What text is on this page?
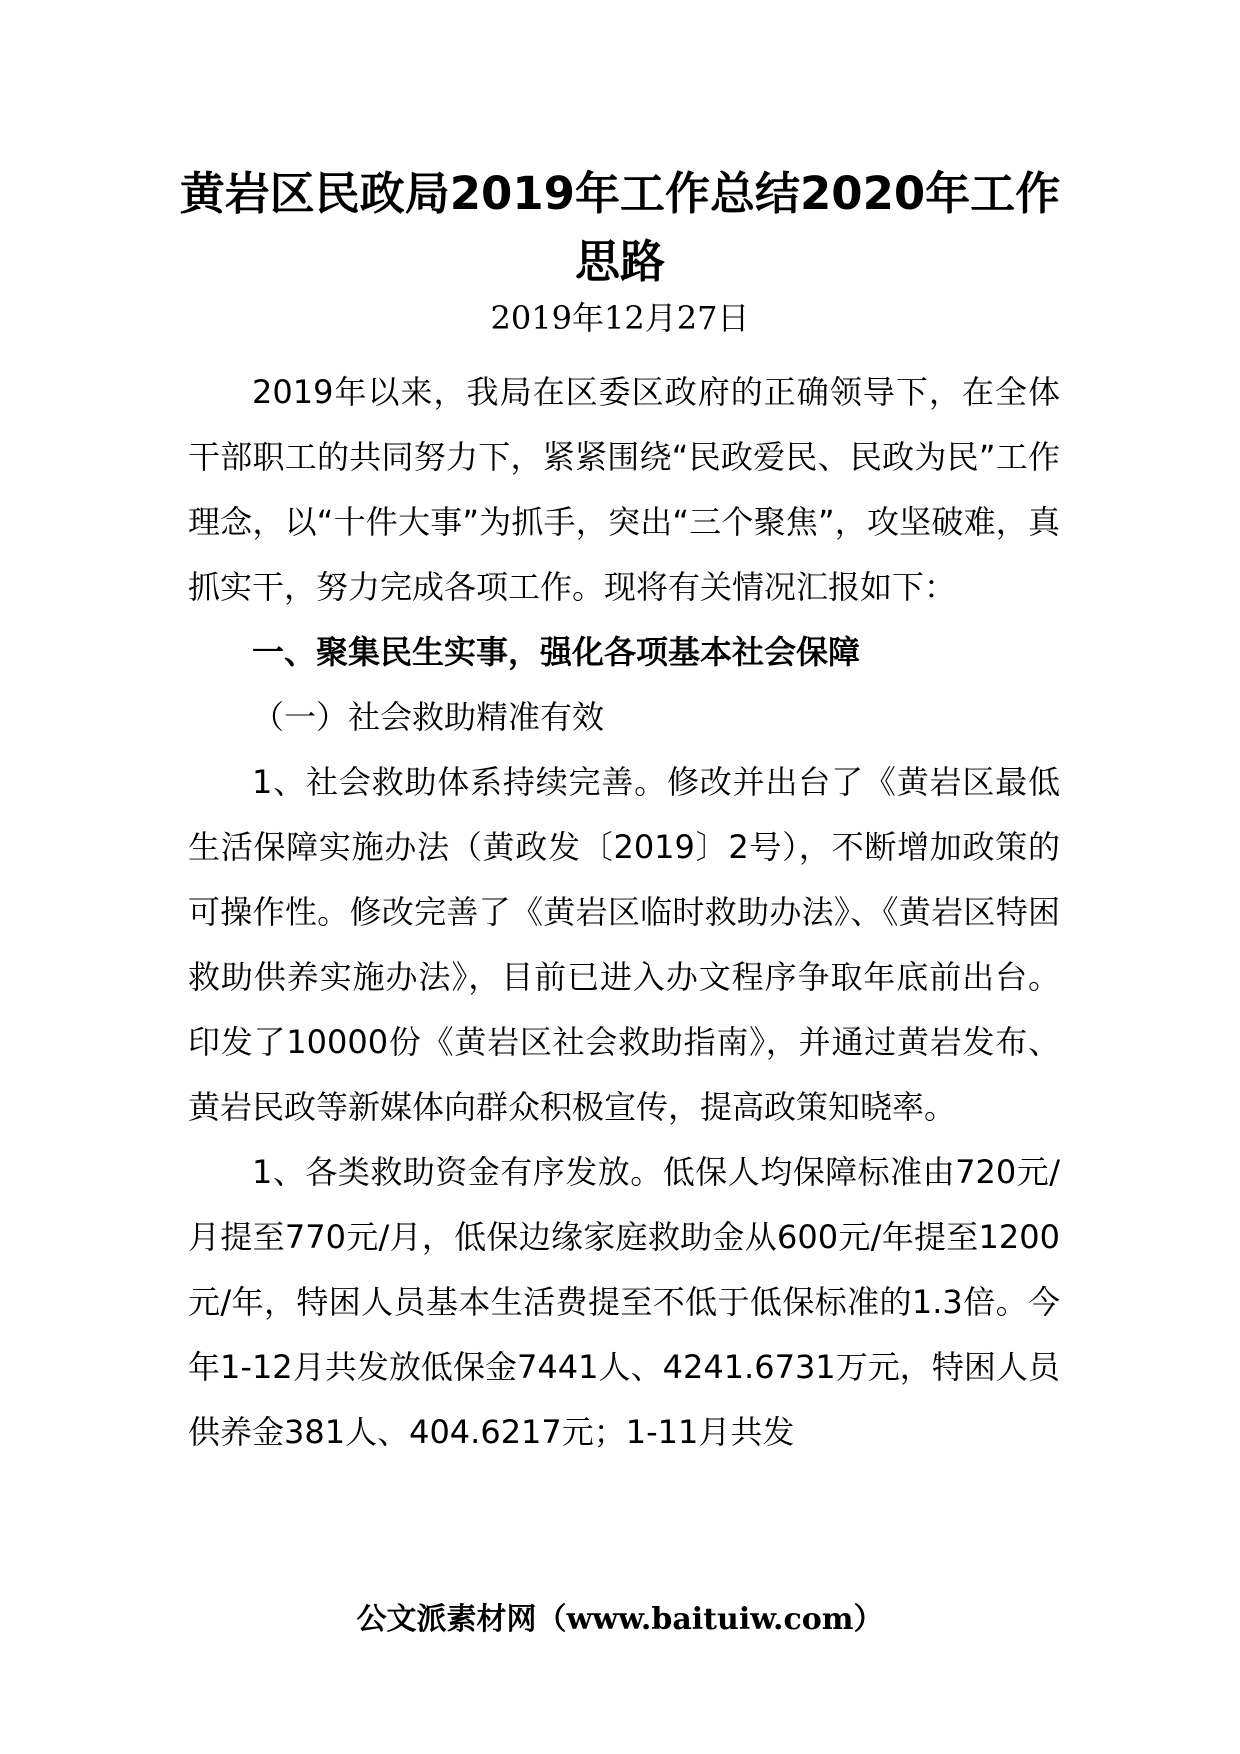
黄岩区民政局2019年工作总结2020年工作思路
2019年12月27日

2019年以来，我局在区委区政府的正确领导下，在全体干部职工的共同努力下，紧紧围绕“民政爱民、民政为民”工作理念，以“十件大事”为抓手，突出“三个聚焦”，攻坚破难，真抓实干，努力完成各项工作。现将有关情况汇报如下：

一、聚集民生实事，强化各项基本社会保障

（一）社会救助精准有效

1、社会救助体系持续完善。修改并出台了《黄岩区最低生活保障实施办法（黄政发〔2019〕2号），不断增加政策的可操作性。修改完善了《黄岩区临时救助办法》、《黄岩区特困救助供养实施办法》，目前已进入办文程序争取年底前出台。印发了10000份《黄岩区社会救助指南》，并通过黄岩发布、黄岩民政等新媒体向群众积极宣传，提高政策知晓率。

1、各类救助资金有序发放。低保人均保障标准由720元/月提至770元/月，低保边缘家庭救助金从600元/年提至1200元/年，特困人员基本生活费提至不低于低保标准的1.3倍。今年1-12月共发放低保金7441人、4241.6731万元，特困人员供养金381人、404.6217元；1-11月共发

公文派素材网（www.baituiw.com）
